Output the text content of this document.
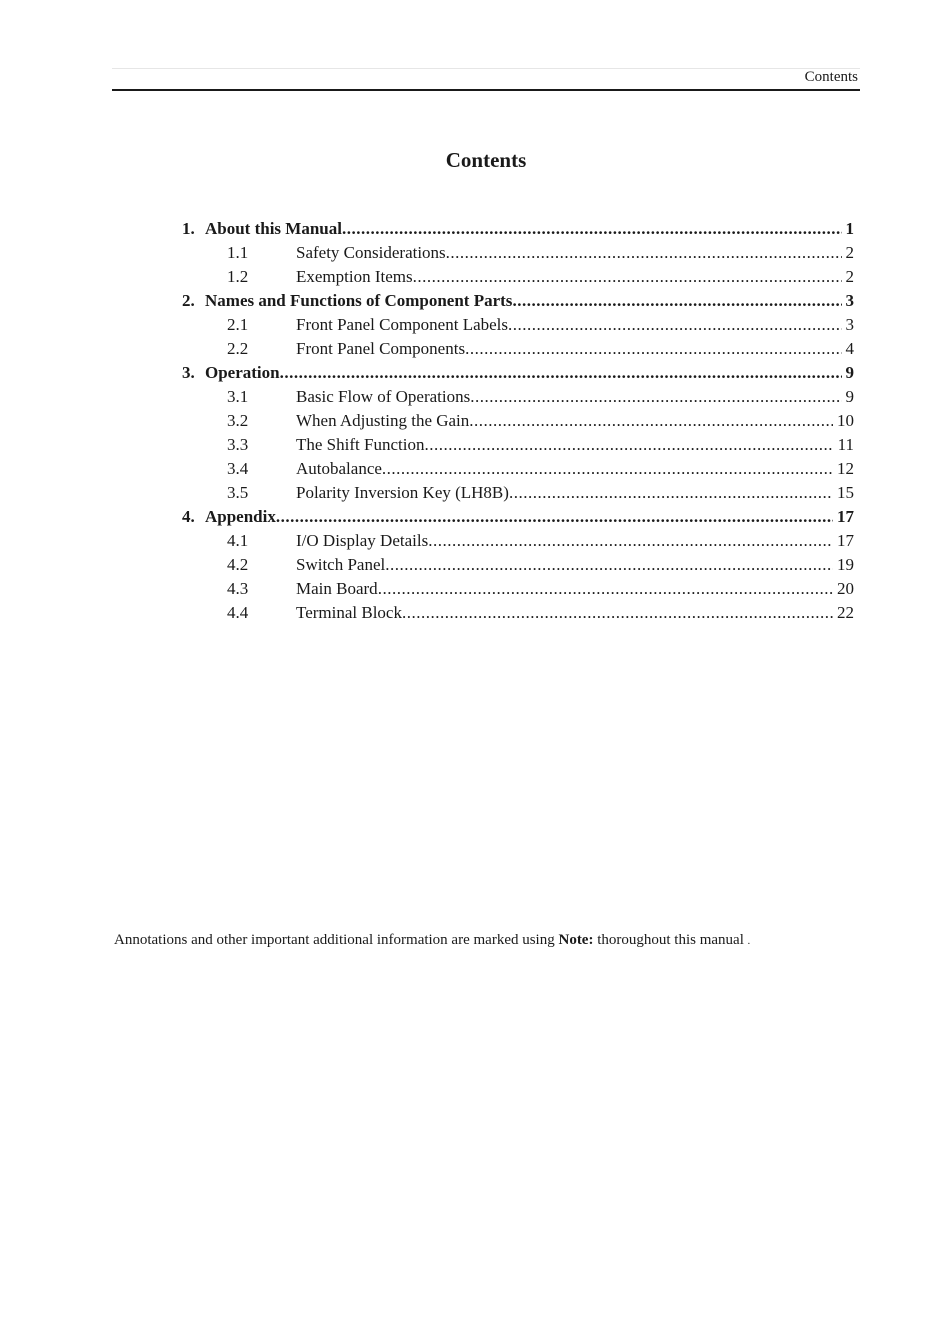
Contents
Contents
1. About this Manual .....	1
1.1	Safety Considerations .....	2
1.2	Exemption Items .....	2
2. Names and Functions of Component Parts .....	3
2.1	Front Panel Component Labels .....	3
2.2	Front Panel Components .....	4
3. Operation .....	9
3.1	Basic Flow of Operations .....	9
3.2	When Adjusting the Gain .....	10
3.3	The Shift Function .....	11
3.4	Autobalance .....	12
3.5	Polarity Inversion Key (LH8B) .....	15
4. Appendix .....	17
4.1	I/O Display Details .....	17
4.2	Switch Panel .....	19
4.3	Main Board .....	20
4.4	Terminal Block .....	22
Annotations and other important additional information are marked using Note: thoroughout this manual .
